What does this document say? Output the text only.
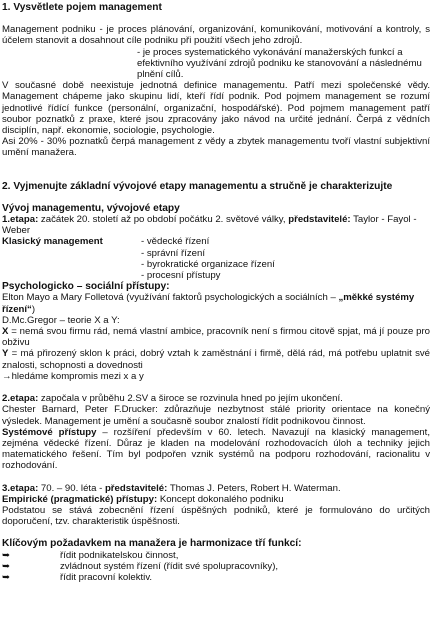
1. Vysvětlete pojem management

Management podniku - je proces plánování, organizování, komunikování, motivování a kontroly, s účelem stanovit a dosahnout cíle podniku při použití všech jeho zdrojů.

- je proces systematického vykonávání manažerských funkcí a efektivního využívání zdrojů podniku ke stanovování a následnému plnění cílů.

V současné době neexistuje jednotná definice managementu. Patří mezi společenské vědy. Management chápeme jako skupinu lidí, kteří řídí podnik. Pod pojmem management se rozumí jednotlivé řídící funkce (personální, organizační, hospodářské). Pod pojmem management patří soubor poznatků z praxe, které jsou zpracovány jako návod na určité jednání. Čerpá z vědních disciplín, např. ekonomie, sociologie, psychologie.

Asi 20% - 30% poznatků čerpá management z vědy a zbytek managementu tvoří vlastní subjektivní umění manažera.

2. Vyjmenujte základní vývojové etapy managementu a stručně je charakterizujte

Vývoj managementu, vývojové etapy

1.etapa: začátek 20. století až po období počátku 2. světové války, představitelé: Taylor - Fayol - Weber

Klasický management	- vědecké řízení
- správní řízení
- byrokratické organizace řízení
- procesní přístupy

Psychologicko – sociální přístupy:

Elton Mayo a Mary Folletová (využívání faktorů psychologických a sociálních – „měkké systémy řízení“)

D.Mc.Gregor – teorie X a Y:

X = nemá svou firmu rád, nemá vlastní ambice, pracovník není s firmou citově spjat, má jí pouze pro obživu

Y = má přirozený sklon k práci, dobrý vztah k zaměstnání i firmě, dělá rád, má potřebu uplatnit své znalosti, schopnosti a dovednosti

→hledáme kompromis mezi x a y

2.etapa: započala v průběhu 2.SV a široce se rozvinula hned po jejím ukončení.

Chester Barnard, Peter F.Drucker: zdůrazňuje nezbytnost stálé priority orientace na konečný výsledek. Management je umění a současně soubor znalostí řídit podnikovou činnost.

Systémové přístupy – rozšíření především v 60. letech. Navazují na klasický management, zejména vědecké řízení. Důraz je kladen na modelování rozhodovacích úloh a techniky jejich matematického řešení. Tím byl podpořen vznik systémů na podporu rozhodování, racionalitu v rozhodování.

3.etapa: 70. – 90. léta - představitelé: Thomas J. Peters, Robert H. Waterman.

Empirické (pragmatické) přístupy: Koncept dokonalého podniku

Podstatou se stává zobecnění řízení úspěšných podniků, které je formulováno do určitých doporučení, tzv. charakteristik úspěšnosti.

Klíčovým požadavkem na manažera je harmonizace tří funkcí:

➥	řídit podnikatelskou činnost,
➥	zvládnout systém řízení (řídit své spolupracovníky),
➥	řídit pracovní kolektiv.
